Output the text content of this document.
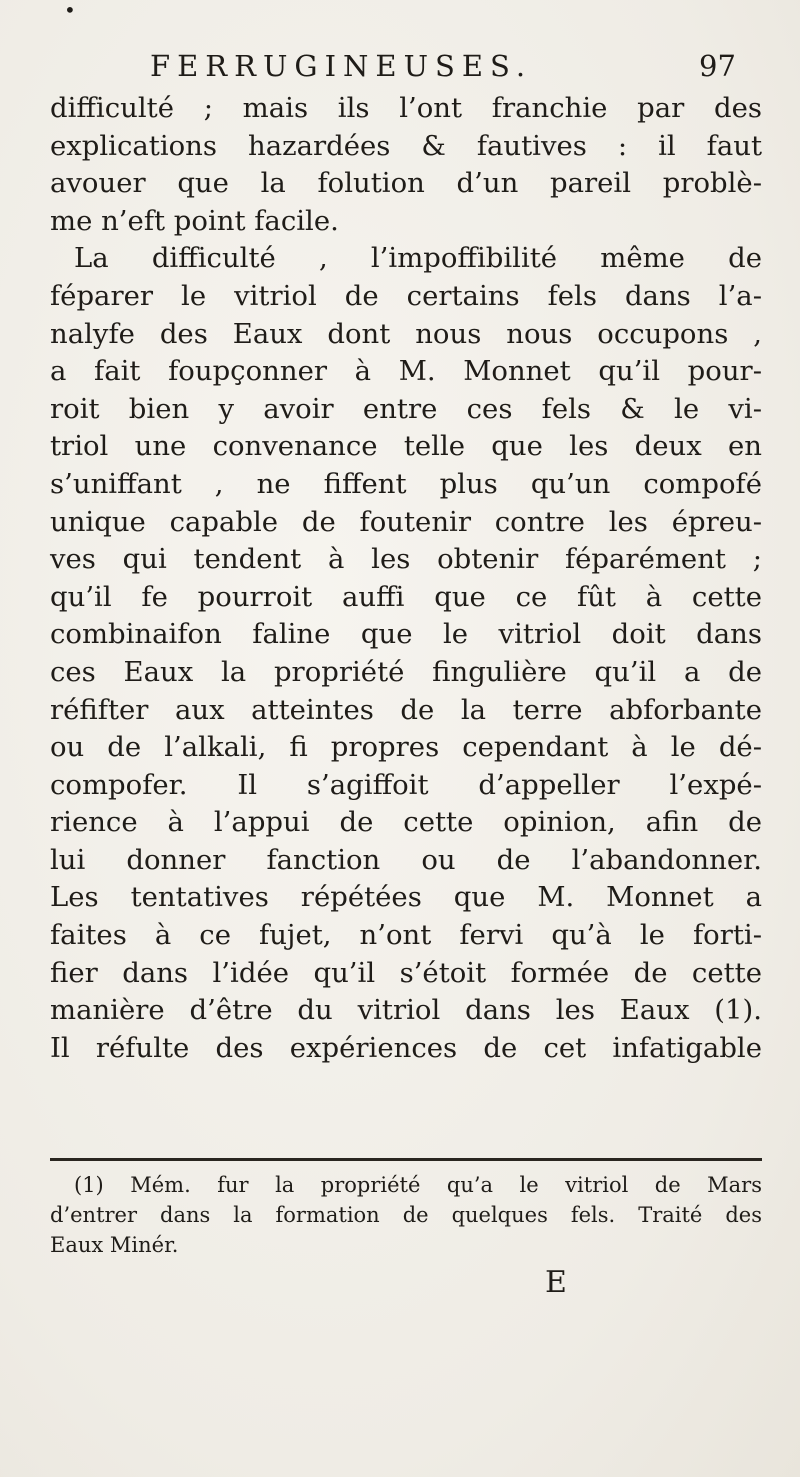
•
FERRUGINEUSES.	97
difficulté ; mais ils l’ont franchie par des
explications hazardées & fautives : il faut
avouer que la folution d’un pareil problè-
me n’eft point facile.
La difficulté , l’impoffibilité même de
féparer le vitriol de certains fels dans l’a-
nalyfe des Eaux dont nous nous occupons ,
a fait foupçonner à M. Monnet qu’il pour-
roit bien y avoir entre ces fels & le vi-
triol une convenance telle que les deux en
s’uniffant , ne fiffent plus qu’un compofé
unique capable de foutenir contre les épreu-
ves qui tendent à les obtenir féparément ;
qu’il fe pourroit auffi que ce fût à cette
combinaifon faline que le vitriol doit dans
ces Eaux la propriété fingulière qu’il a de
réfifter aux atteintes de la terre abforbante
ou de l’alkali, fi propres cependant à le dé-
compofer. Il s’agiffoit d’appeller l’expé-
rience à l’appui de cette opinion, afin de
lui donner fanction ou de l’abandonner.
Les tentatives répétées que M. Monnet a
faites à ce fujet, n’ont fervi qu’à le forti-
fier dans l’idée qu’il s’étoit formée de cette
manière d’être du vitriol dans les Eaux (1).
Il réfulte des expériences de cet infatigable
(1) Mém. fur la propriété qu’a le vitriol de Mars
d’entrer dans la formation de quelques fels. Traité des
Eaux Minér.
E
